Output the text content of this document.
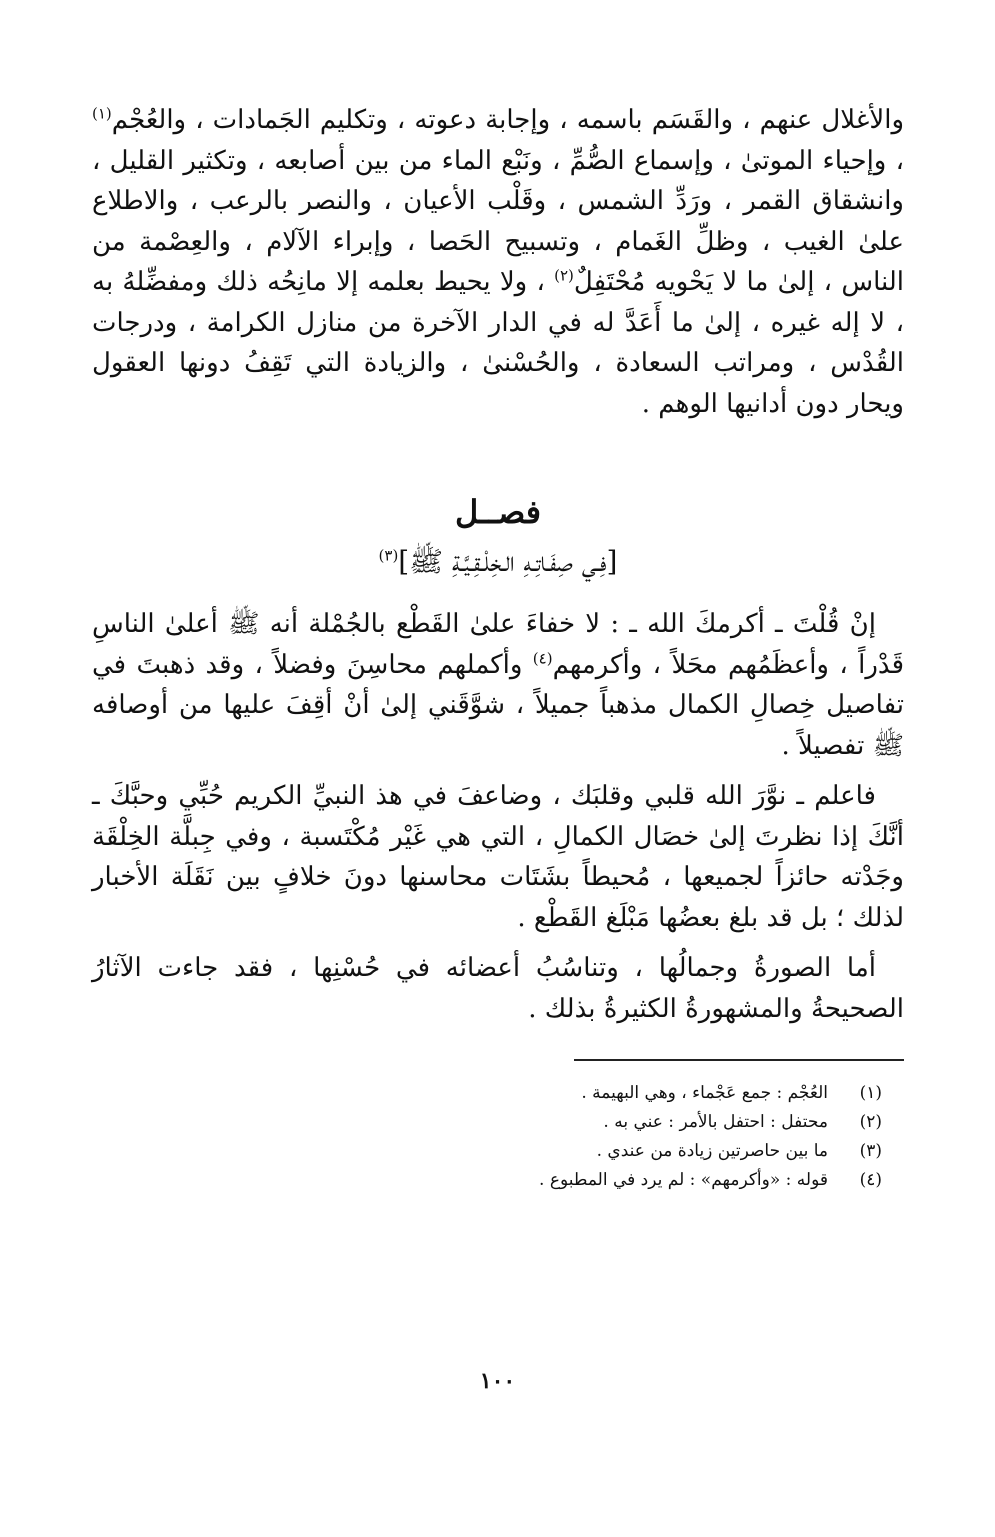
والأغلال عنهم ، والقَسَم باسمه ، وإجابة دعوته ، وتكليم الجَمادات ، والعُجْم$^{(١)}$ ، وإحياء الموتىٰ ، وإسماع الصُّمِّ ، ونَبْع الماء من بين أصابعه ، وتكثير القليل ، وانشقاق القمر ، ورَدِّ الشمس ، وقَلْب الأعيان ، والنصر بالرعب ، والاطلاع علىٰ الغيب ، وظلِّ الغَمام ، وتسبيح الحَصا ، وإبراء الآلام ، والعِصْمة من الناس ، إلىٰ ما لا يَحْويه مُحْتَفِلٌ$^{(٢)}$ ، ولا يحيط بعلمه إلا مانِحُه ذلك ومفضِّلهُ به ، لا إله غيره ، إلىٰ ما أَعَدَّ له في الدار الآخرة من منازل الكرامة ، ودرجات القُدْس ، ومراتب السعادة ، والحُسْنىٰ ، والزيادة التي تَقِفُ دونها العقول ويحار دون أدانيها الوهم .

فصــل
[فِـي صِفَـاتِـهِ الـخِلْـقِـيَّـةِ ﷺ]$^{(٣)}$

إنْ قُلْتَ ـ أكرمكَ الله ـ : لا خفاءَ علىٰ القَطْع بالجُمْلة أنه ﷺ أعلىٰ الناسِ قَدْراً ، وأعظَمُهم محَلاً ، وأكرمهم$^{(٤)}$ وأكملهم محاسِنَ وفضلاً ، وقد ذهبتَ في تفاصيل خِصالِ الكمال مذهباً جميلاً ، شوَّقَني إلىٰ أنْ أقِفَ عليها من أوصافه ﷺ تفصيلاً .

فاعلم ـ نوَّرَ الله قلبي وقلبَك ، وضاعفَ في هذ النبيِّ الكريم حُبِّي وحبَّكَ ـ أنَّكَ إذا نظرتَ إلىٰ خصَال الكمالِ ، التي هي غَيْر مُكْتَسبة ، وفي جِبلَّة الخِلْقَة وجَدْته حائزاً لجميعها ، مُحيطاً بشَتَات محاسنها دونَ خلافٍ بين نَقَلَة الأخبار لذلك ؛ بل قد بلغ بعضُها مَبْلَغ القَطْع .

أما الصورةُ وجمالُها ، وتناسُبُ أعضائه في حُسْنِها ، فقد جاءت الآثارُ الصحيحةُ والمشهورةُ الكثيرةُ بذلك .

(١)
العُجْم : جمع عَجْماء ، وهي البهيمة .
(٢)
محتفل : احتفل بالأمر : عني به .
(٣)
ما بين حاصرتين زيادة من عندي .
(٤)
قوله : «وأكرمهم» : لم يرد في المطبوع .
١٠٠
